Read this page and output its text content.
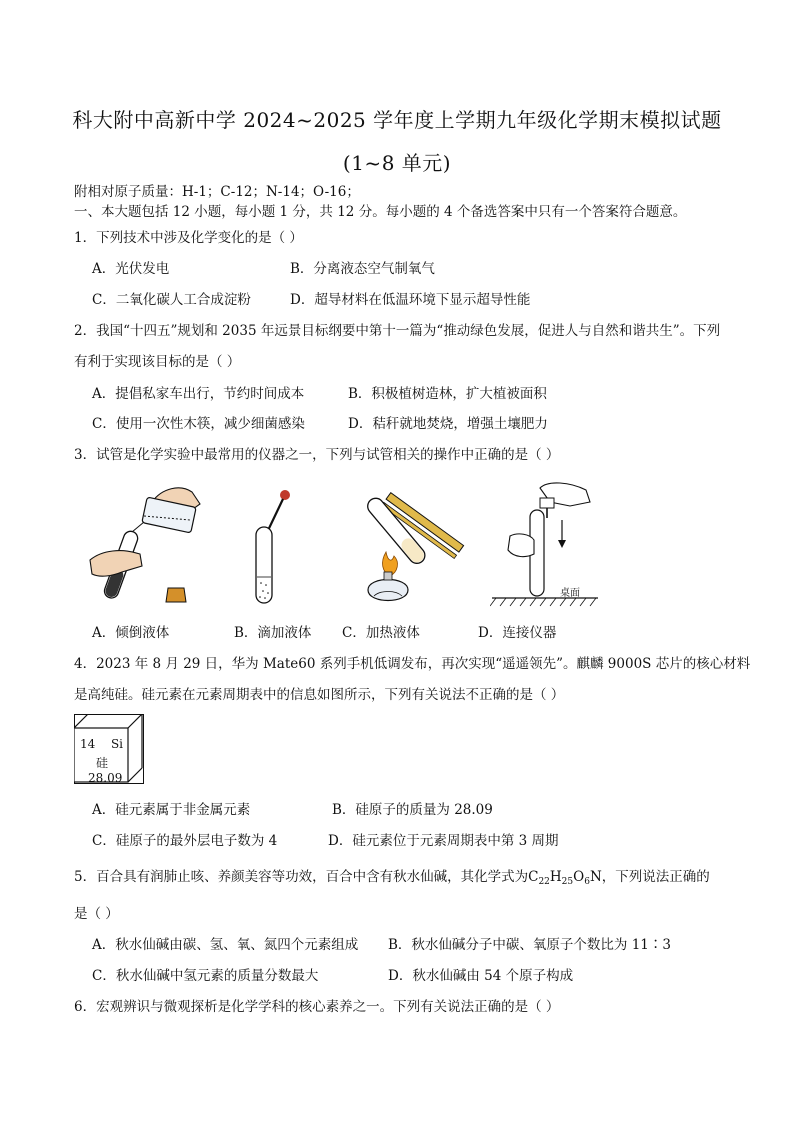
科大附中高新中学 2024~2025 学年度上学期九年级化学期末模拟试题
(1~8 单元)
附相对原子质量：H-1；C-12；N-14；O-16；
一、本大题包括 12 小题，每小题 1 分，共 12 分。每小题的 4 个备选答案中只有一个答案符合题意。
1．下列技术中涉及化学变化的是（ ）
A．光伏发电	B．分离液态空气制氧气
C．二氧化碳人工合成淀粉	D．超导材料在低温环境下显示超导性能
2．我国“十四五”规划和 2035 年远景目标纲要中第十一篇为“推动绿色发展，促进人与自然和谐共生”。下列
有利于实现该目标的是（ ）
A．提倡私家车出行，节约时间成本	B．积极植树造林，扩大植被面积
C．使用一次性木筷，减少细菌感染	D．秸秆就地焚烧，增强土壤肥力
3．试管是化学实验中最常用的仪器之一，下列与试管相关的操作中正确的是（ ）
桌面
A．倾倒液体	B．滴加液体 C．加热液体	D．连接仪器
4．2023 年 8 月 29 日，华为 Mate60 系列手机低调发布，再次实现“遥遥领先”。麒麟 9000S 芯片的核心材料
是高纯硅。硅元素在元素周期表中的信息如图所示，下列有关说法不正确的是（ ）
14 Si
硅
28.09
A．硅元素属于非金属元素	B．硅原子的质量为 28.09
C．硅原子的最外层电子数为 4	D．硅元素位于元素周期表中第 3 周期
5．百合具有润肺止咳、养颜美容等功效，百合中含有秋水仙碱，其化学式为$C_{22}H_{25}O_6N$，下列说法正确的
是（ ）
A．秋水仙碱由碳、氢、氧、氮四个元素组成 B．秋水仙碱分子中碳、氧原子个数比为 11∶3
C．秋水仙碱中氢元素的质量分数最大	D．秋水仙碱由 54 个原子构成
6．宏观辨识与微观探析是化学学科的核心素养之一。下列有关说法正确的是（ ）
